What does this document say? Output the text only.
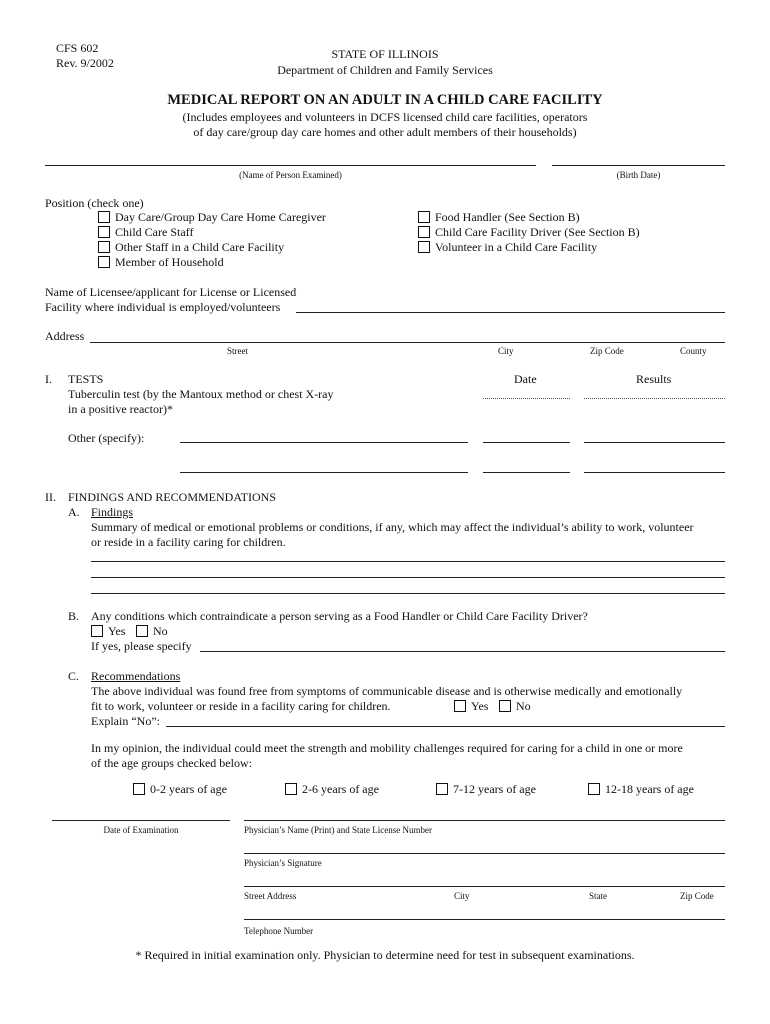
CFS 602
Rev. 9/2002
STATE OF ILLINOIS
Department of Children and Family Services
MEDICAL REPORT ON AN ADULT IN A CHILD CARE FACILITY
(Includes employees and volunteers in DCFS licensed child care facilities, operators
of day care/group day care homes and other adult members of their households)
(Name of Person Examined)	(Birth Date)
Position (check one)
Day Care/Group Day Care Home Caregiver
Child Care Staff
Other Staff in a Child Care Facility
Member of Household
Food Handler (See Section B)
Child Care Facility Driver (See Section B)
Volunteer in a Child Care Facility
Name of Licensee/applicant for License or Licensed
Facility where individual is employed/volunteers
Address
Street	City	Zip Code	County
I. TESTS	Date	Results
Tuberculin test (by the Mantoux method or chest X-ray
in a positive reactor)*
Other (specify):
II. FINDINGS AND RECOMMENDATIONS
A. Findings
Summary of medical or emotional problems or conditions, if any, which may affect the individual’s ability to work, volunteer
or reside in a facility caring for children.
B. Any conditions which contraindicate a person serving as a Food Handler or Child Care Facility Driver?
Yes No
If yes, please specify
C. Recommendations
The above individual was found free from symptoms of communicable disease and is otherwise medically and emotionally
fit to work, volunteer or reside in a facility caring for children.	Yes No
Explain “No”:
In my opinion, the individual could meet the strength and mobility challenges required for caring for a child in one or more
of the age groups checked below:
0-2 years of age	2-6 years of age	7-12 years of age	12-18 years of age
Date of Examination	Physician’s Name (Print) and State License Number
Physician’s Signature
Street Address	City	State	Zip Code
Telephone Number
* Required in initial examination only. Physician to determine need for test in subsequent examinations.
